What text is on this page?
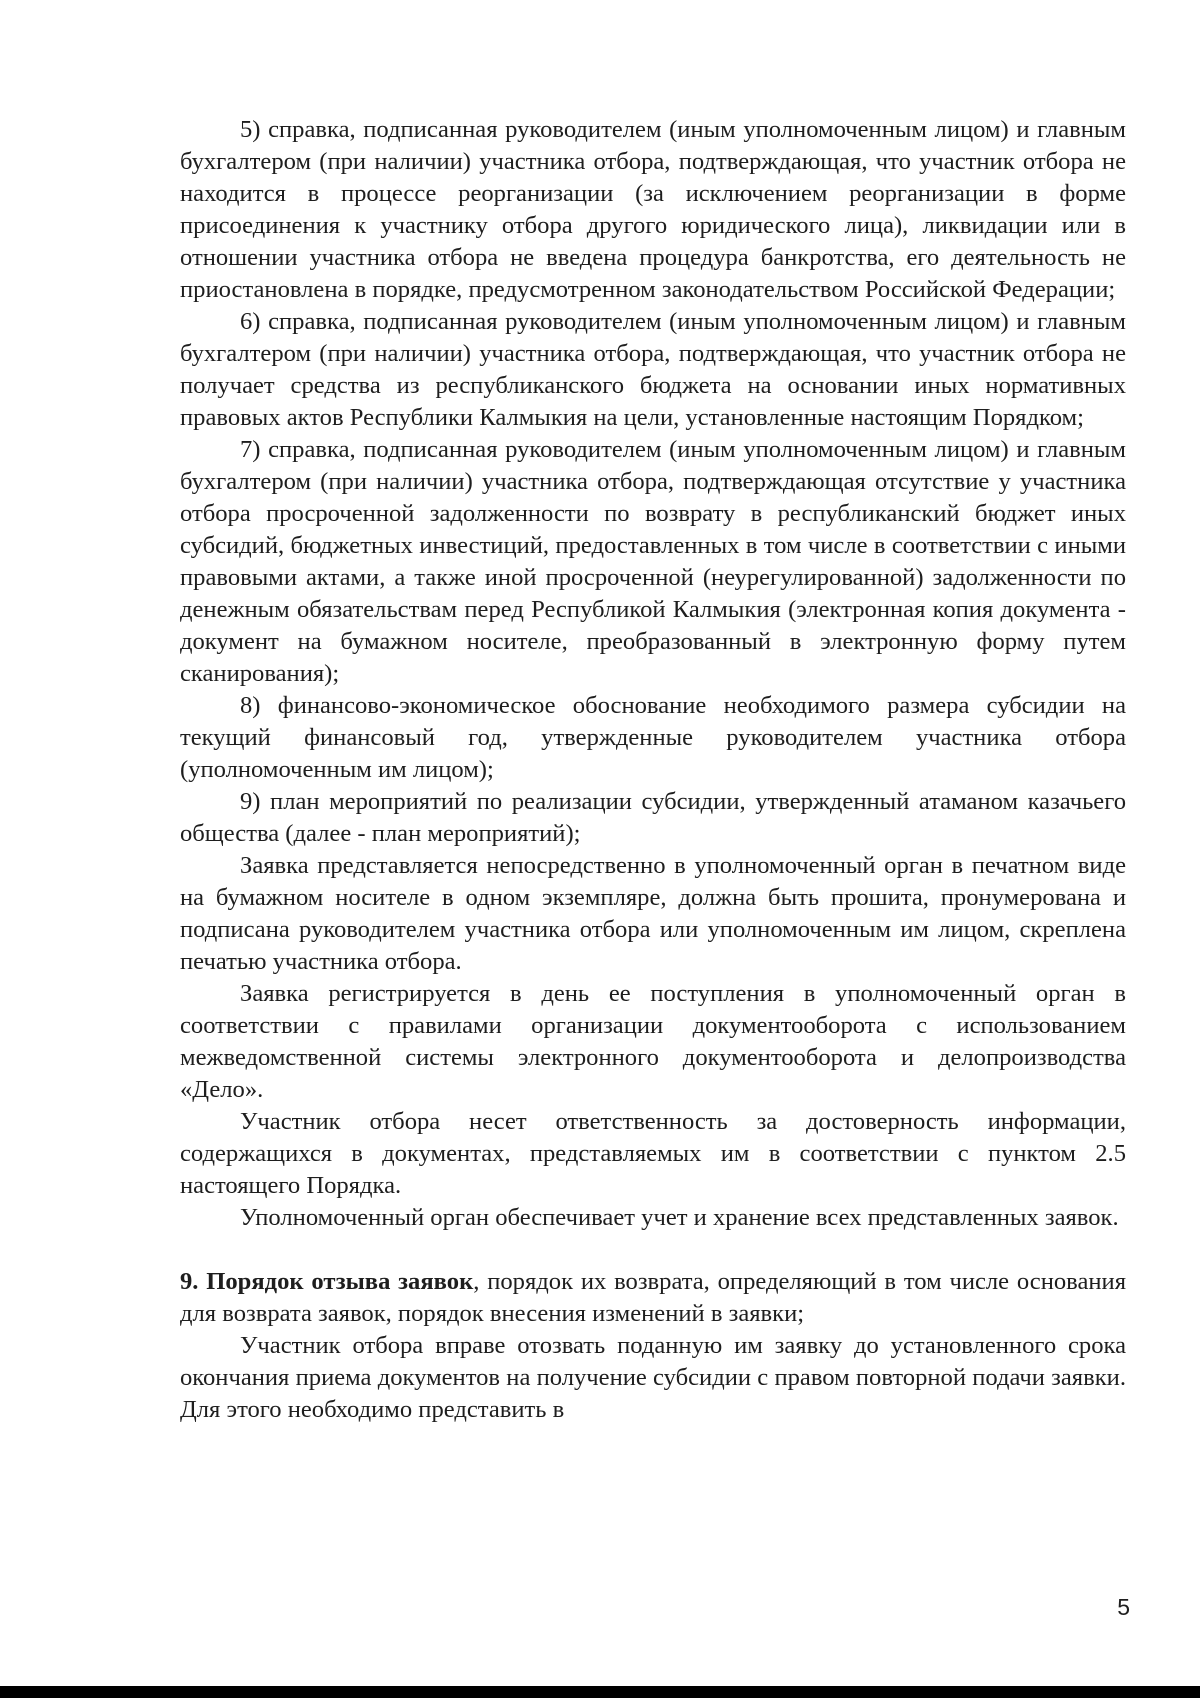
5) справка, подписанная руководителем (иным уполномоченным лицом) и главным бухгалтером (при наличии) участника отбора, подтверждающая, что участник отбора не находится в процессе реорганизации (за исключением реорганизации в форме присоединения к участнику отбора другого юридического лица), ликвидации или в отношении участника отбора не введена процедура банкротства, его деятельность не приостановлена в порядке, предусмотренном законодательством Российской Федерации;

6) справка, подписанная руководителем (иным уполномоченным лицом) и главным бухгалтером (при наличии) участника отбора, подтверждающая, что участник отбора не получает средства из республиканского бюджета на основании иных нормативных правовых актов Республики Калмыкия на цели, установленные настоящим Порядком;

7) справка, подписанная руководителем (иным уполномоченным лицом) и главным бухгалтером (при наличии) участника отбора, подтверждающая отсутствие у участника отбора просроченной задолженности по возврату в республиканский бюджет иных субсидий, бюджетных инвестиций, предоставленных в том числе в соответствии с иными правовыми актами, а также иной просроченной (неурегулированной) задолженности по денежным обязательствам перед Республикой Калмыкия (электронная копия документа - документ на бумажном носителе, преобразованный в электронную форму путем сканирования);

8) финансово-экономическое обоснование необходимого размера субсидии на текущий финансовый год, утвержденные руководителем участника отбора (уполномоченным им лицом);

9) план мероприятий по реализации субсидии, утвержденный атаманом казачьего общества (далее - план мероприятий);

Заявка представляется непосредственно в уполномоченный орган в печатном виде на бумажном носителе в одном экземпляре, должна быть прошита, пронумерована и подписана руководителем участника отбора или уполномоченным им лицом, скреплена печатью участника отбора.

Заявка регистрируется в день ее поступления в уполномоченный орган в соответствии с правилами организации документооборота с использованием межведомственной системы электронного документооборота и делопроизводства «Дело».

Участник отбора несет ответственность за достоверность информации, содержащихся в документах, представляемых им в соответствии с пунктом 2.5 настоящего Порядка.

Уполномоченный орган обеспечивает учет и хранение всех представленных заявок.

9. Порядок отзыва заявок, порядок их возврата, определяющий в том числе основания для возврата заявок, порядок внесения изменений в заявки;

Участник отбора вправе отозвать поданную им заявку до установленного срока окончания приема документов на получение субсидии с правом повторной подачи заявки. Для этого необходимо представить в

5
